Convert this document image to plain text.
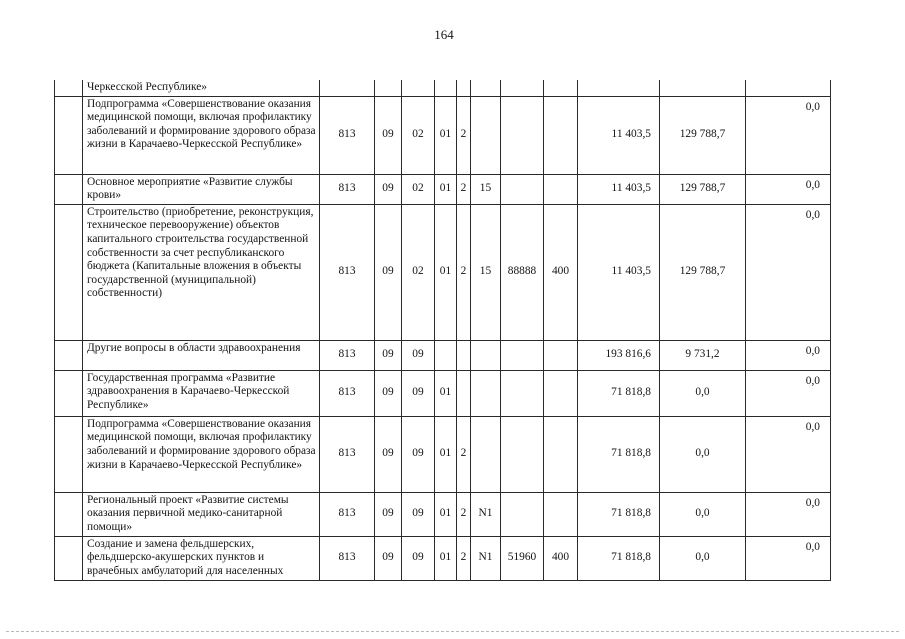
164
	Черкесской Республике»											
	Подпрограмма «Совершенствование оказания медицинской помощи, включая профилактику заболеваний и формирование здорового образа жизни в Карачаево-Черкесской Республике»	813	09	02	01	2				11 403,5	129 788,7	0,0
	Основное мероприятие «Развитие службы крови»	813	09	02	01	2	15			11 403,5	129 788,7	0,0
	Строительство (приобретение, реконструкция, техническое перевооружение) объектов капитального строительства государственной собственности за счет республиканского бюджета (Капитальные вложения в объекты государственной (муниципальной) собственности)	813	09	02	01	2	15	88888	400	11 403,5	129 788,7	0,0
	Другие вопросы в области здравоохранения	813	09	09						193 816,6	9 731,2	0,0
	Государственная программа «Развитие здравоохранения в Карачаево-Черкесской Республике»	813	09	09	01					71 818,8	0,0	0,0
	Подпрограмма «Совершенствование оказания медицинской помощи, включая профилактику заболеваний и формирование здорового образа жизни в Карачаево-Черкесской Республике»	813	09	09	01	2				71 818,8	0,0	0,0
	Региональный проект «Развитие системы оказания первичной медико-санитарной помощи»	813	09	09	01	2	N1			71 818,8	0,0	0,0
	Создание и замена фельдшерских, фельдшерско-акушерских пунктов и врачебных амбулаторий для населенных	813	09	09	01	2	N1	51960	400	71 818,8	0,0	0,0
